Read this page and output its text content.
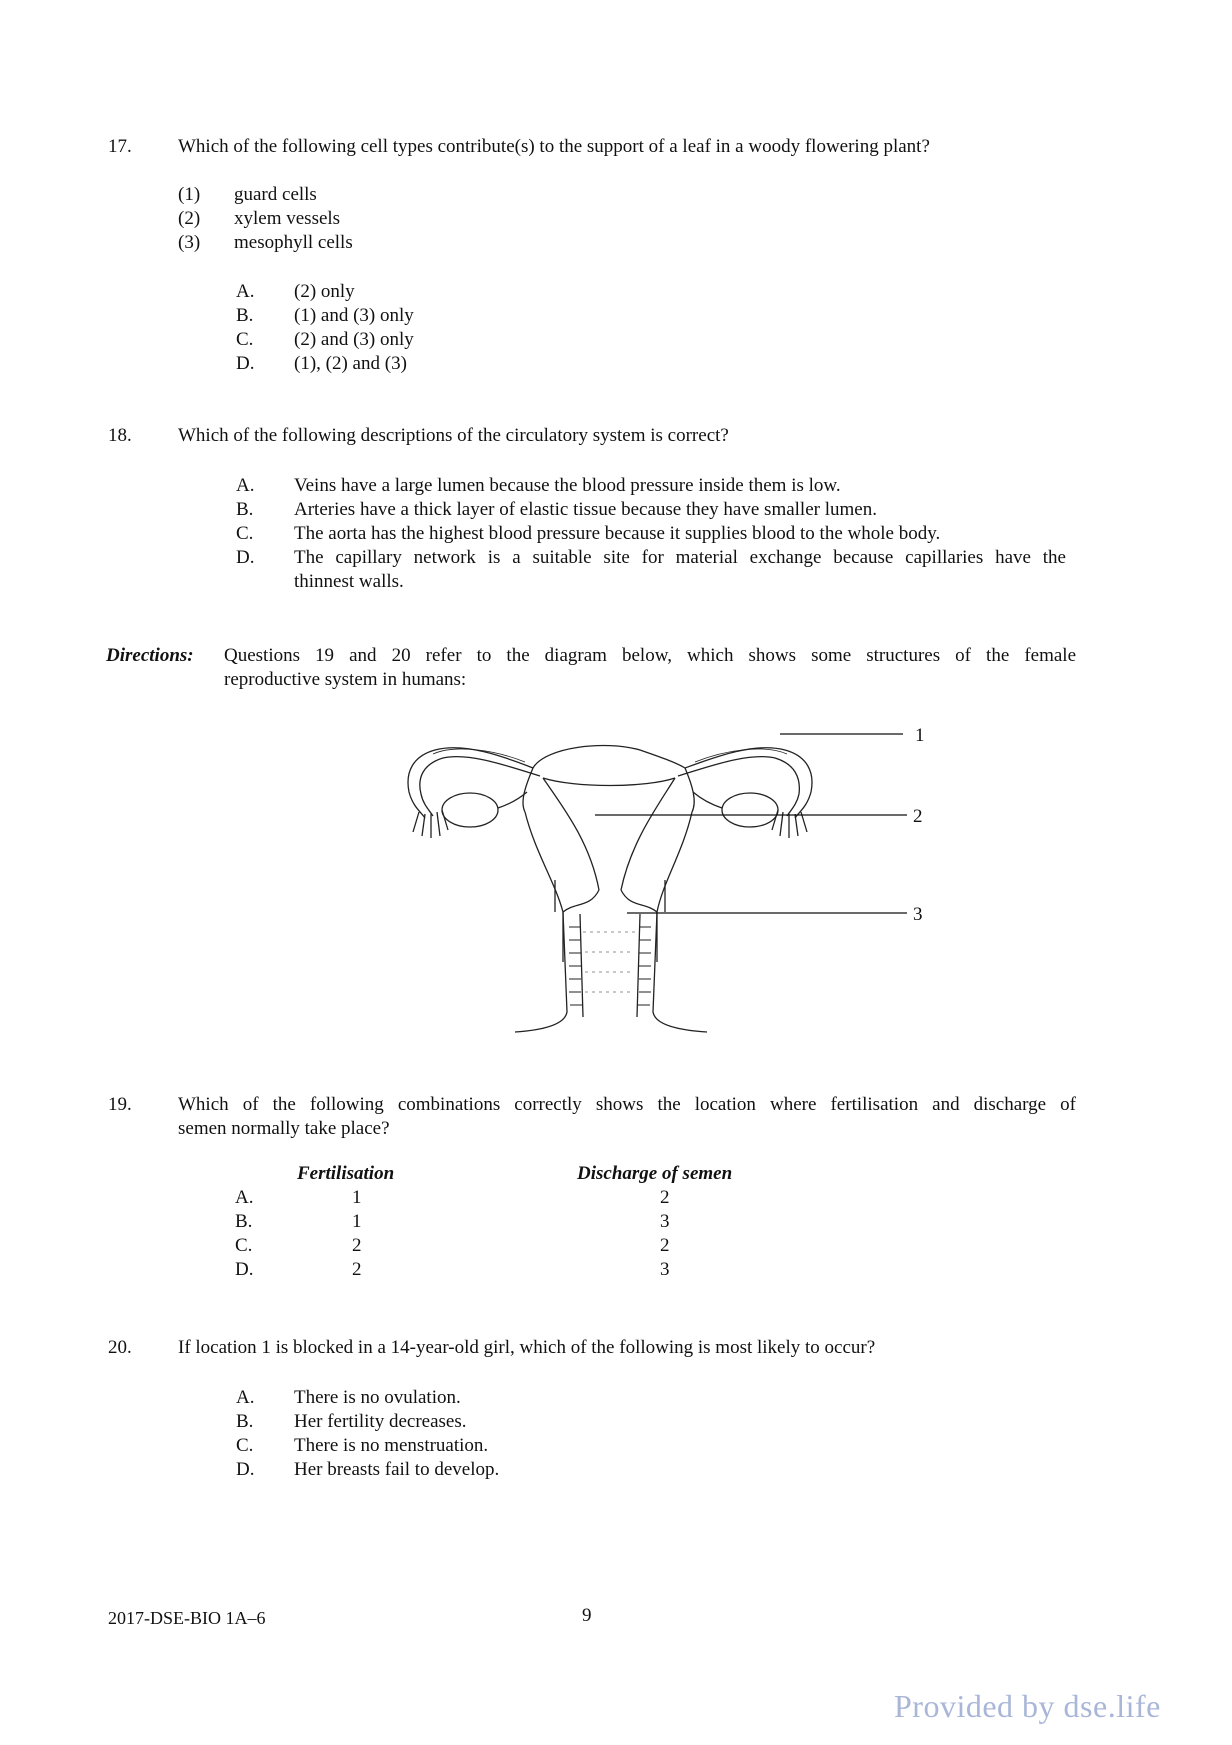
17. Which of the following cell types contribute(s) to the support of a leaf in a woody flowering plant?
(1) guard cells
(2) xylem vessels
(3) mesophyll cells
A. (2) only
B. (1) and (3) only
C. (2) and (3) only
D. (1), (2) and (3)
18. Which of the following descriptions of the circulatory system is correct?
A. Veins have a large lumen because the blood pressure inside them is low.
B. Arteries have a thick layer of elastic tissue because they have smaller lumen.
C. The aorta has the highest blood pressure because it supplies blood to the whole body.
D. The capillary network is a suitable site for material exchange because capillaries have the
thinnest walls.
Directions: Questions 19 and 20 refer to the diagram below, which shows some structures of the female
reproductive system in humans:
1
2
3
19. Which of the following combinations correctly shows the location where fertilisation and discharge of
semen normally take place?
Fertilisation	Discharge of semen
A.	1	2
B.	1	3
C.	2	2
D.	2	3
20. If location 1 is blocked in a 14-year-old girl, which of the following is most likely to occur?
A. There is no ovulation.
B. Her fertility decreases.
C. There is no menstruation.
D. Her breasts fail to develop.
2017-DSE-BIO 1A–6	9
Provided by dse.life
